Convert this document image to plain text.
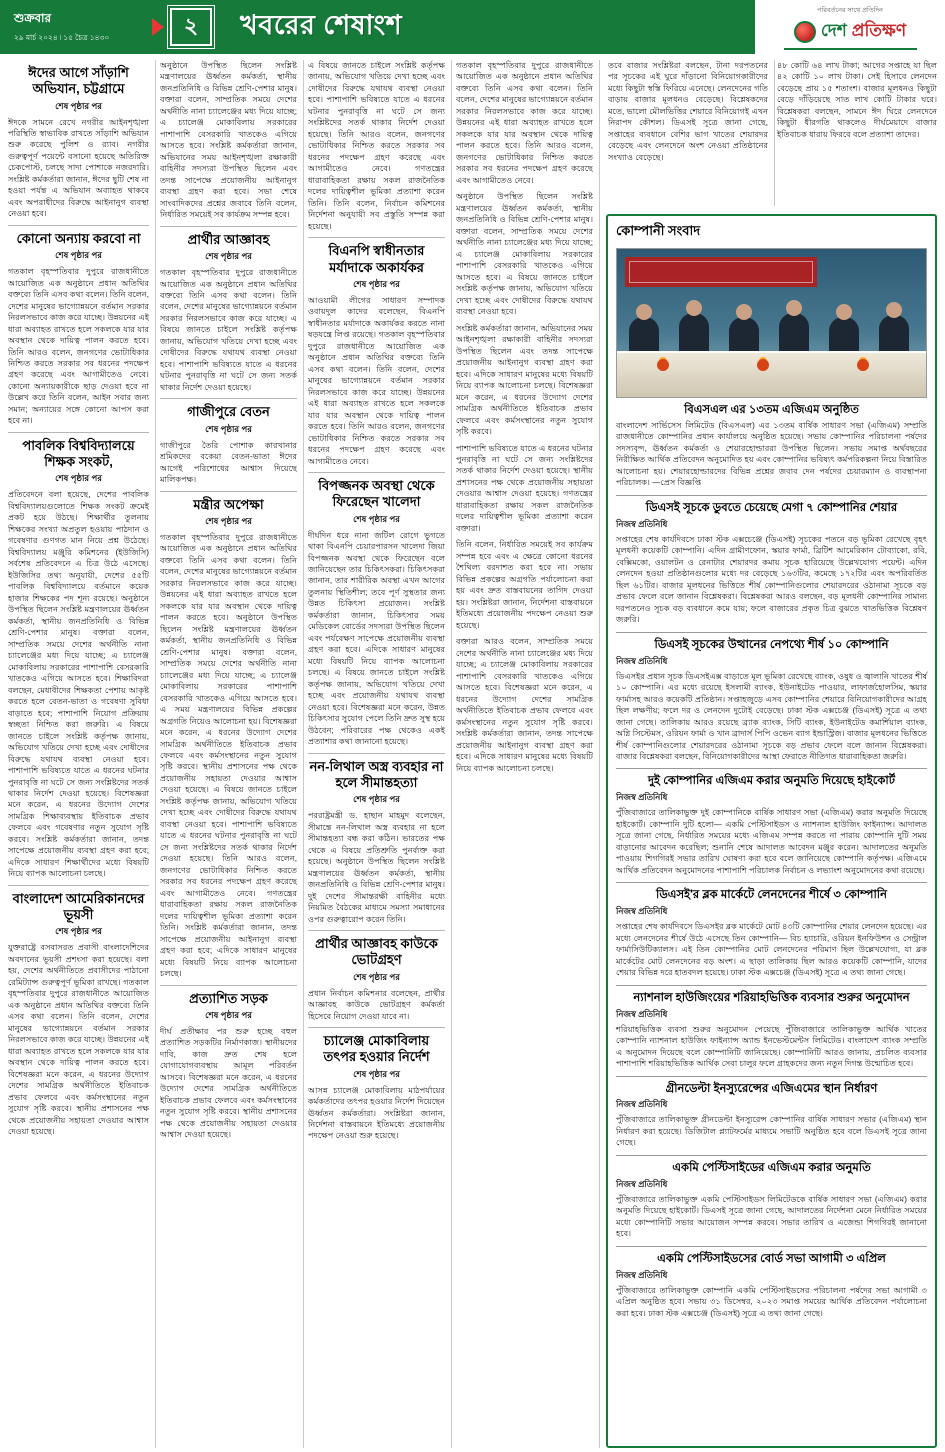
শুক্রবার
২৯ মার্চ ২০২৪ ৷ ১৫ চৈত্র ১৪৩০	২	খবরের শেষাংশ	পরিবর্তনের সাথে প্রতিদিন
দেশ প্রতিক্ষণ
ঈদের আগে সাঁড়াশি অভিযান, চট্টগ্রামে
শেষ পৃষ্ঠার পর

ঈদকে সামনে রেখে নগরীর আইনশৃঙ্খলা পরিস্থিতি স্বাভাবিক রাখতে সাঁড়াশি অভিযান শুরু করেছে পুলিশ ও র‍্যাব। নগরীর গুরুত্বপূর্ণ পয়েন্টে বসানো হয়েছে অতিরিক্ত চেকপোস্ট, চলছে সাদা পোশাকে নজরদারি। সংশ্লিষ্ট কর্মকর্তারা জানান, ঈদের ছুটি শেষ না হওয়া পর্যন্ত এ অভিযান অব্যাহত থাকবে এবং অপরাধীদের বিরুদ্ধে আইনানুগ ব্যবস্থা নেওয়া হবে।

কোনো অন্যায় করবো না
শেষ পৃষ্ঠার পর

গতকাল বৃহস্পতিবার দুপুরে রাজধানীতে আয়োজিত এক অনুষ্ঠানে প্রধান অতিথির বক্তব্যে তিনি এসব কথা বলেন। তিনি বলেন, দেশের মানুষের ভাগ্যোন্নয়নে বর্তমান সরকার নিরলসভাবে কাজ করে যাচ্ছে। উন্নয়নের এই ধারা অব্যাহত রাখতে হলে সকলকে যার যার অবস্থান থেকে দায়িত্ব পালন করতে হবে। তিনি আরও বলেন, জনগণের ভোটাধিকার নিশ্চিত করতে সরকার সব ধরনের পদক্ষেপ গ্রহণ করেছে এবং আগামীতেও নেবে। কোনো অন্যায়কারীকে ছাড় দেওয়া হবে না উল্লেখ করে তিনি বলেন, আইন সবার জন্য সমান; অন্যায়ের সঙ্গে কোনো আপস করা হবে না।

পাবলিক বিশ্ববিদ্যালয়ে শিক্ষক সংকট,
শেষ পৃষ্ঠার পর

প্রতিবেদনে বলা হয়েছে, দেশের পাবলিক বিশ্ববিদ্যালয়গুলোতে শিক্ষক সংকট ক্রমেই প্রকট হয়ে উঠছে। শিক্ষার্থীর তুলনায় শিক্ষকের সংখ্যা অপ্রতুল হওয়ায় পাঠদান ও গবেষণার গুণগত মান নিয়ে প্রশ্ন উঠেছে। বিশ্ববিদ্যালয় মঞ্জুরি কমিশনের (ইউজিসি) সর্বশেষ প্রতিবেদনে এ চিত্র উঠে এসেছে। ইউজিসির তথ্য অনুযায়ী, দেশের ৫৫টি পাবলিক বিশ্ববিদ্যালয়ে বর্তমানে কয়েক হাজার শিক্ষকের পদ শূন্য রয়েছে। অনুষ্ঠানে উপস্থিত ছিলেন সংশ্লিষ্ট মন্ত্রণালয়ের ঊর্ধ্বতন কর্মকর্তা, স্থানীয় জনপ্রতিনিধি ও বিভিন্ন শ্রেণি-পেশার মানুষ। বক্তারা বলেন, সাম্প্রতিক সময়ে দেশের অর্থনীতি নানা চ্যালেঞ্জের মধ্য দিয়ে যাচ্ছে; এ চ্যালেঞ্জ মোকাবিলায় সরকারের পাশাপাশি বেসরকারি খাতকেও এগিয়ে আসতে হবে। শিক্ষাবিদরা বলছেন, মেধাবীদের শিক্ষকতা পেশায় আকৃষ্ট করতে হলে বেতন-ভাতা ও গবেষণা সুবিধা বাড়াতে হবে; পাশাপাশি নিয়োগ প্রক্রিয়ায় স্বচ্ছতা নিশ্চিত করা জরুরি। এ বিষয়ে জানতে চাইলে সংশ্লিষ্ট কর্তৃপক্ষ জানায়, অভিযোগ খতিয়ে দেখা হচ্ছে এবং দোষীদের বিরুদ্ধে যথাযথ ব্যবস্থা নেওয়া হবে। পাশাপাশি ভবিষ্যতে যাতে এ ধরনের ঘটনার পুনরাবৃত্তি না ঘটে সে জন্য সংশ্লিষ্টদের সতর্ক থাকার নির্দেশ দেওয়া হয়েছে। বিশেষজ্ঞরা মনে করেন, এ ধরনের উদ্যোগ দেশের সামগ্রিক শিক্ষাব্যবস্থায় ইতিবাচক প্রভাব ফেলবে এবং গবেষণার নতুন সুযোগ সৃষ্টি করবে। সংশ্লিষ্ট কর্মকর্তারা জানান, তদন্ত সাপেক্ষে প্রয়োজনীয় ব্যবস্থা গ্রহণ করা হবে; এদিকে সাধারণ শিক্ষার্থীদের মধ্যে বিষয়টি নিয়ে ব্যাপক আলোচনা চলছে।

বাংলাদেশ আমেরিকানদের ভূয়সী
শেষ পৃষ্ঠার পর

যুক্তরাষ্ট্রে বসবাসরত প্রবাসী বাংলাদেশিদের অবদানের ভূয়সী প্রশংসা করা হয়েছে। বলা হয়, দেশের অর্থনীতিতে প্রবাসীদের পাঠানো রেমিট্যান্স গুরুত্বপূর্ণ ভূমিকা রাখছে। গতকাল বৃহস্পতিবার দুপুরে রাজধানীতে আয়োজিত এক অনুষ্ঠানে প্রধান অতিথির বক্তব্যে তিনি এসব কথা বলেন। তিনি বলেন, দেশের মানুষের ভাগ্যোন্নয়নে বর্তমান সরকার নিরলসভাবে কাজ করে যাচ্ছে। উন্নয়নের এই ধারা অব্যাহত রাখতে হলে সকলকে যার যার অবস্থান থেকে দায়িত্ব পালন করতে হবে। বিশেষজ্ঞরা মনে করেন, এ ধরনের উদ্যোগ দেশের সামগ্রিক অর্থনীতিতে ইতিবাচক প্রভাব ফেলবে এবং কর্মসংস্থানের নতুন সুযোগ সৃষ্টি করবে। স্থানীয় প্রশাসনের পক্ষ থেকে প্রয়োজনীয় সহায়তা দেওয়ার আশ্বাস দেওয়া হয়েছে।

অনুষ্ঠানে উপস্থিত ছিলেন সংশ্লিষ্ট মন্ত্রণালয়ের ঊর্ধ্বতন কর্মকর্তা, স্থানীয় জনপ্রতিনিধি ও বিভিন্ন শ্রেণি-পেশার মানুষ। বক্তারা বলেন, সাম্প্রতিক সময়ে দেশের অর্থনীতি নানা চ্যালেঞ্জের মধ্য দিয়ে যাচ্ছে; এ চ্যালেঞ্জ মোকাবিলায় সরকারের পাশাপাশি বেসরকারি খাতকেও এগিয়ে আসতে হবে। সংশ্লিষ্ট কর্মকর্তারা জানান, অভিযানের সময় আইনশৃঙ্খলা রক্ষাকারী বাহিনীর সদস্যরা উপস্থিত ছিলেন এবং তদন্ত সাপেক্ষে প্রয়োজনীয় আইনানুগ ব্যবস্থা গ্রহণ করা হবে। সভা শেষে সাংবাদিকদের প্রশ্নের জবাবে তিনি বলেন, নির্ধারিত সময়েই সব কার্যক্রম সম্পন্ন হবে।

প্রার্থীর আজ্ঞাবহ
শেষ পৃষ্ঠার পর

গতকাল বৃহস্পতিবার দুপুরে রাজধানীতে আয়োজিত এক অনুষ্ঠানে প্রধান অতিথির বক্তব্যে তিনি এসব কথা বলেন। তিনি বলেন, দেশের মানুষের ভাগ্যোন্নয়নে বর্তমান সরকার নিরলসভাবে কাজ করে যাচ্ছে। এ বিষয়ে জানতে চাইলে সংশ্লিষ্ট কর্তৃপক্ষ জানায়, অভিযোগ খতিয়ে দেখা হচ্ছে এবং দোষীদের বিরুদ্ধে যথাযথ ব্যবস্থা নেওয়া হবে। পাশাপাশি ভবিষ্যতে যাতে এ ধরনের ঘটনার পুনরাবৃত্তি না ঘটে সে জন্য সতর্ক থাকার নির্দেশ দেওয়া হয়েছে।

গাজীপুরে বেতন
শেষ পৃষ্ঠার পর

গাজীপুরে তৈরি পোশাক কারখানার শ্রমিকদের বকেয়া বেতন-ভাতা ঈদের আগেই পরিশোধের আশ্বাস দিয়েছে মালিকপক্ষ।

মন্ত্রীর অপেক্ষা
শেষ পৃষ্ঠার পর

গতকাল বৃহস্পতিবার দুপুরে রাজধানীতে আয়োজিত এক অনুষ্ঠানে প্রধান অতিথির বক্তব্যে তিনি এসব কথা বলেন। তিনি বলেন, দেশের মানুষের ভাগ্যোন্নয়নে বর্তমান সরকার নিরলসভাবে কাজ করে যাচ্ছে। উন্নয়নের এই ধারা অব্যাহত রাখতে হলে সকলকে যার যার অবস্থান থেকে দায়িত্ব পালন করতে হবে। অনুষ্ঠানে উপস্থিত ছিলেন সংশ্লিষ্ট মন্ত্রণালয়ের ঊর্ধ্বতন কর্মকর্তা, স্থানীয় জনপ্রতিনিধি ও বিভিন্ন শ্রেণি-পেশার মানুষ। বক্তারা বলেন, সাম্প্রতিক সময়ে দেশের অর্থনীতি নানা চ্যালেঞ্জের মধ্য দিয়ে যাচ্ছে; এ চ্যালেঞ্জ মোকাবিলায় সরকারের পাশাপাশি বেসরকারি খাতকেও এগিয়ে আসতে হবে। এ সময় মন্ত্রণালয়ের বিভিন্ন প্রকল্পের অগ্রগতি নিয়েও আলোচনা হয়। বিশেষজ্ঞরা মনে করেন, এ ধরনের উদ্যোগ দেশের সামগ্রিক অর্থনীতিতে ইতিবাচক প্রভাব ফেলবে এবং কর্মসংস্থানের নতুন সুযোগ সৃষ্টি করবে। স্থানীয় প্রশাসনের পক্ষ থেকে প্রয়োজনীয় সহায়তা দেওয়ার আশ্বাস দেওয়া হয়েছে। এ বিষয়ে জানতে চাইলে সংশ্লিষ্ট কর্তৃপক্ষ জানায়, অভিযোগ খতিয়ে দেখা হচ্ছে এবং দোষীদের বিরুদ্ধে যথাযথ ব্যবস্থা নেওয়া হবে। পাশাপাশি ভবিষ্যতে যাতে এ ধরনের ঘটনার পুনরাবৃত্তি না ঘটে সে জন্য সংশ্লিষ্টদের সতর্ক থাকার নির্দেশ দেওয়া হয়েছে। তিনি আরও বলেন, জনগণের ভোটাধিকার নিশ্চিত করতে সরকার সব ধরনের পদক্ষেপ গ্রহণ করেছে এবং আগামীতেও নেবে। গণতন্ত্রের ধারাবাহিকতা রক্ষায় সকল রাজনৈতিক দলের দায়িত্বশীল ভূমিকা প্রত্যাশা করেন তিনি। সংশ্লিষ্ট কর্মকর্তারা জানান, তদন্ত সাপেক্ষে প্রয়োজনীয় আইনানুগ ব্যবস্থা গ্রহণ করা হবে; এদিকে সাধারণ মানুষের মধ্যে বিষয়টি নিয়ে ব্যাপক আলোচনা চলছে।

প্রত্যাশিত সড়ক
শেষ পৃষ্ঠার পর

দীর্ঘ প্রতীক্ষার পর শুরু হচ্ছে বহুল প্রত্যাশিত সড়কটির নির্মাণকাজ। স্থানীয়দের দাবি, কাজ দ্রুত শেষ হলে যোগাযোগব্যবস্থায় আমূল পরিবর্তন আসবে। বিশেষজ্ঞরা মনে করেন, এ ধরনের উদ্যোগ দেশের সামগ্রিক অর্থনীতিতে ইতিবাচক প্রভাব ফেলবে এবং কর্মসংস্থানের নতুন সুযোগ সৃষ্টি করবে। স্থানীয় প্রশাসনের পক্ষ থেকে প্রয়োজনীয় সহায়তা দেওয়ার আশ্বাস দেওয়া হয়েছে।

এ বিষয়ে জানতে চাইলে সংশ্লিষ্ট কর্তৃপক্ষ জানায়, অভিযোগ খতিয়ে দেখা হচ্ছে এবং দোষীদের বিরুদ্ধে যথাযথ ব্যবস্থা নেওয়া হবে। পাশাপাশি ভবিষ্যতে যাতে এ ধরনের ঘটনার পুনরাবৃত্তি না ঘটে সে জন্য সংশ্লিষ্টদের সতর্ক থাকার নির্দেশ দেওয়া হয়েছে। তিনি আরও বলেন, জনগণের ভোটাধিকার নিশ্চিত করতে সরকার সব ধরনের পদক্ষেপ গ্রহণ করেছে এবং আগামীতেও নেবে। গণতন্ত্রের ধারাবাহিকতা রক্ষায় সকল রাজনৈতিক দলের দায়িত্বশীল ভূমিকা প্রত্যাশা করেন তিনি। তিনি বলেন, নির্বাচন কমিশনের নির্দেশনা অনুযায়ী সব প্রস্তুতি সম্পন্ন করা হয়েছে।

বিএনপি স্বাধীনতার মর্যাদাকে অকার্যকর
শেষ পৃষ্ঠার পর

আওয়ামী লীগের সাধারণ সম্পাদক ওবায়দুল কাদের বলেছেন, বিএনপি স্বাধীনতার মর্যাদাকে অকার্যকর করতে নানা ষড়যন্ত্রে লিপ্ত রয়েছে। গতকাল বৃহস্পতিবার দুপুরে রাজধানীতে আয়োজিত এক অনুষ্ঠানে প্রধান অতিথির বক্তব্যে তিনি এসব কথা বলেন। তিনি বলেন, দেশের মানুষের ভাগ্যোন্নয়নে বর্তমান সরকার নিরলসভাবে কাজ করে যাচ্ছে। উন্নয়নের এই ধারা অব্যাহত রাখতে হলে সকলকে যার যার অবস্থান থেকে দায়িত্ব পালন করতে হবে। তিনি আরও বলেন, জনগণের ভোটাধিকার নিশ্চিত করতে সরকার সব ধরনের পদক্ষেপ গ্রহণ করেছে এবং আগামীতেও নেবে।

বিপজ্জনক অবস্থা থেকে ফিরেছেন খালেদা
শেষ পৃষ্ঠার পর

দীর্ঘদিন ধরে নানা জটিল রোগে ভুগতে থাকা বিএনপি চেয়ারপারসন খালেদা জিয়া বিপজ্জনক অবস্থা থেকে ফিরেছেন বলে জানিয়েছেন তার চিকিৎসকরা। চিকিৎসকরা জানান, তার শারীরিক অবস্থা এখন আগের তুলনায় স্থিতিশীল; তবে পূর্ণ সুস্থতার জন্য উন্নত চিকিৎসা প্রয়োজন। সংশ্লিষ্ট কর্মকর্তারা জানান, চিকিৎসার সময় মেডিকেল বোর্ডের সদস্যরা উপস্থিত ছিলেন এবং পর্যবেক্ষণ সাপেক্ষে প্রয়োজনীয় ব্যবস্থা গ্রহণ করা হবে। এদিকে সাধারণ মানুষের মধ্যে বিষয়টি নিয়ে ব্যাপক আলোচনা চলছে। এ বিষয়ে জানতে চাইলে সংশ্লিষ্ট কর্তৃপক্ষ জানায়, অভিযোগ খতিয়ে দেখা হচ্ছে এবং প্রয়োজনীয় যথাযথ ব্যবস্থা নেওয়া হবে। বিশেষজ্ঞরা মনে করেন, উন্নত চিকিৎসার সুযোগ পেলে তিনি দ্রুত সুস্থ হয়ে উঠবেন; পরিবারের পক্ষ থেকেও একই প্রত্যাশার কথা জানানো হয়েছে।

নন-লিথাল অস্ত্র ব্যবহার না হলে সীমান্তহত্যা
শেষ পৃষ্ঠার পর

পররাষ্ট্রমন্ত্রী ড. হাছান মাহমুদ বলেছেন, সীমান্তে নন-লিথাল অস্ত্র ব্যবহার না হলে সীমান্তহত্যা বন্ধ করা কঠিন। ভারতের পক্ষ থেকে এ বিষয়ে প্রতিশ্রুতি পুনর্ব্যক্ত করা হয়েছে। অনুষ্ঠানে উপস্থিত ছিলেন সংশ্লিষ্ট মন্ত্রণালয়ের ঊর্ধ্বতন কর্মকর্তা, স্থানীয় জনপ্রতিনিধি ও বিভিন্ন শ্রেণি-পেশার মানুষ। দুই দেশের সীমান্তরক্ষী বাহিনীর মধ্যে নিয়মিত বৈঠকের মাধ্যমে সমস্যা সমাধানের ওপর গুরুত্বারোপ করেন তিনি।

প্রার্থীর আজ্ঞাবহ কাউকে ভোটগ্রহণ
শেষ পৃষ্ঠার পর

প্রধান নির্বাচন কমিশনার বলেছেন, প্রার্থীর আজ্ঞাবহ কাউকে ভোটগ্রহণ কর্মকর্তা হিসেবে নিয়োগ দেওয়া যাবে না।

চ্যালেঞ্জ মোকাবিলায় তৎপর হওয়ার নির্দেশ
শেষ পৃষ্ঠার পর

আসন্ন চ্যালেঞ্জ মোকাবিলায় মাঠপর্যায়ের কর্মকর্তাদের তৎপর হওয়ার নির্দেশ দিয়েছেন ঊর্ধ্বতন কর্মকর্তারা। সংশ্লিষ্টরা জানান, নির্দেশনা বাস্তবায়নে ইতিমধ্যে প্রয়োজনীয় পদক্ষেপ নেওয়া শুরু হয়েছে।

গতকাল বৃহস্পতিবার দুপুরে রাজধানীতে আয়োজিত এক অনুষ্ঠানে প্রধান অতিথির বক্তব্যে তিনি এসব কথা বলেন। তিনি বলেন, দেশের মানুষের ভাগ্যোন্নয়নে বর্তমান সরকার নিরলসভাবে কাজ করে যাচ্ছে। উন্নয়নের এই ধারা অব্যাহত রাখতে হলে সকলকে যার যার অবস্থান থেকে দায়িত্ব পালন করতে হবে। তিনি আরও বলেন, জনগণের ভোটাধিকার নিশ্চিত করতে সরকার সব ধরনের পদক্ষেপ গ্রহণ করেছে এবং আগামীতেও নেবে।

অনুষ্ঠানে উপস্থিত ছিলেন সংশ্লিষ্ট মন্ত্রণালয়ের ঊর্ধ্বতন কর্মকর্তা, স্থানীয় জনপ্রতিনিধি ও বিভিন্ন শ্রেণি-পেশার মানুষ। বক্তারা বলেন, সাম্প্রতিক সময়ে দেশের অর্থনীতি নানা চ্যালেঞ্জের মধ্য দিয়ে যাচ্ছে; এ চ্যালেঞ্জ মোকাবিলায় সরকারের পাশাপাশি বেসরকারি খাতকেও এগিয়ে আসতে হবে। এ বিষয়ে জানতে চাইলে সংশ্লিষ্ট কর্তৃপক্ষ জানায়, অভিযোগ খতিয়ে দেখা হচ্ছে এবং দোষীদের বিরুদ্ধে যথাযথ ব্যবস্থা নেওয়া হবে।

সংশ্লিষ্ট কর্মকর্তারা জানান, অভিযানের সময় আইনশৃঙ্খলা রক্ষাকারী বাহিনীর সদস্যরা উপস্থিত ছিলেন এবং তদন্ত সাপেক্ষে প্রয়োজনীয় আইনানুগ ব্যবস্থা গ্রহণ করা হবে। এদিকে সাধারণ মানুষের মধ্যে বিষয়টি নিয়ে ব্যাপক আলোচনা চলছে। বিশেষজ্ঞরা মনে করেন, এ ধরনের উদ্যোগ দেশের সামগ্রিক অর্থনীতিতে ইতিবাচক প্রভাব ফেলবে এবং কর্মসংস্থানের নতুন সুযোগ সৃষ্টি করবে।

পাশাপাশি ভবিষ্যতে যাতে এ ধরনের ঘটনার পুনরাবৃত্তি না ঘটে সে জন্য সংশ্লিষ্টদের সতর্ক থাকার নির্দেশ দেওয়া হয়েছে। স্থানীয় প্রশাসনের পক্ষ থেকে প্রয়োজনীয় সহায়তা দেওয়ার আশ্বাস দেওয়া হয়েছে। গণতন্ত্রের ধারাবাহিকতা রক্ষায় সকল রাজনৈতিক দলের দায়িত্বশীল ভূমিকা প্রত্যাশা করেন বক্তারা।

তিনি বলেন, নির্ধারিত সময়েই সব কার্যক্রম সম্পন্ন হবে এবং এ ক্ষেত্রে কোনো ধরনের শৈথিল্য বরদাশত করা হবে না। সভায় বিভিন্ন প্রকল্পের অগ্রগতি পর্যালোচনা করা হয় এবং দ্রুত বাস্তবায়নের তাগিদ দেওয়া হয়। সংশ্লিষ্টরা জানান, নির্দেশনা বাস্তবায়নে ইতিমধ্যে প্রয়োজনীয় পদক্ষেপ নেওয়া শুরু হয়েছে।

বক্তারা আরও বলেন, সাম্প্রতিক সময়ে দেশের অর্থনীতি নানা চ্যালেঞ্জের মধ্য দিয়ে যাচ্ছে; এ চ্যালেঞ্জ মোকাবিলায় সরকারের পাশাপাশি বেসরকারি খাতকেও এগিয়ে আসতে হবে। বিশেষজ্ঞরা মনে করেন, এ ধরনের উদ্যোগ দেশের সামগ্রিক অর্থনীতিতে ইতিবাচক প্রভাব ফেলবে এবং কর্মসংস্থানের নতুন সুযোগ সৃষ্টি করবে। সংশ্লিষ্ট কর্মকর্তারা জানান, তদন্ত সাপেক্ষে প্রয়োজনীয় আইনানুগ ব্যবস্থা গ্রহণ করা হবে। এদিকে সাধারণ মানুষের মধ্যে বিষয়টি নিয়ে ব্যাপক আলোচনা চলছে।

তবে বাজার সংশ্লিষ্টরা বলছেন, টানা দরপতনের পর সূচকের এই ঘুরে দাঁড়ানো বিনিয়োগকারীদের মধ্যে কিছুটা স্বস্তি ফিরিয়ে এনেছে। লেনদেনের গতি বাড়ায় বাজার মূলধনও বেড়েছে। বিশ্লেষকদের মতে, ভালো মৌলভিত্তির শেয়ারে বিনিয়োগই এখন নিরাপদ কৌশল। ডিএসই সূত্রে জানা গেছে, সপ্তাহের ব্যবধানে বেশির ভাগ খাতের শেয়ারদর বেড়েছে এবং লেনদেনে অংশ নেওয়া প্রতিষ্ঠানের সংখ্যাও বেড়েছে।

৪৮ কোটি ৬৪ লাখ টাকা; আগের সপ্তাহে যা ছিল ৪২ কোটি ১০ লাখ টাকা। সেই হিসাবে লেনদেন বেড়েছে প্রায় ১৫ শতাংশ। বাজার মূলধনও কিছুটা বেড়ে দাঁড়িয়েছে সাত লাখ কোটি টাকার ঘরে। বিশ্লেষকরা বলছেন, সামনে ঈদ ঘিরে লেনদেনে কিছুটা ধীরগতি থাকলেও দীর্ঘমেয়াদে বাজার ইতিবাচক ধারায় ফিরবে বলে প্রত্যাশা তাদের।

কোম্পানী সংবাদ
বিএসএল এর ১৩তম এজিএম অনুষ্ঠিত

বাংলাদেশ সার্ভিসেস লিমিটেড (বিএসএল) এর ১৩তম বার্ষিক সাধারণ সভা (এজিএম) সম্প্রতি রাজধানীতে কোম্পানির প্রধান কার্যালয়ে অনুষ্ঠিত হয়েছে। সভায় কোম্পানির পরিচালনা পর্ষদের সদস্যবৃন্দ, ঊর্ধ্বতন কর্মকর্তা ও শেয়ারহোল্ডাররা উপস্থিত ছিলেন। সভায় সমাপ্ত অর্থবছরের নিরীক্ষিত আর্থিক প্রতিবেদন অনুমোদিত হয় এবং কোম্পানির ভবিষ্যৎ কর্মপরিকল্পনা নিয়ে বিস্তারিত আলোচনা হয়। শেয়ারহোল্ডারদের বিভিন্ন প্রশ্নের জবাব দেন পর্ষদের চেয়ারম্যান ও ব্যবস্থাপনা পরিচালক। —প্রেস বিজ্ঞপ্তি

ডিএসই সূচকে ডুবতে চেয়েছে মেগা ৭ কোম্পানির শেয়ার
নিজস্ব প্রতিনিধি

সপ্তাহের শেষ কার্যদিবসে ঢাকা স্টক এক্সচেঞ্জে (ডিএসই) সূচকের পতনে বড় ভূমিকা রেখেছে বৃহৎ মূলধনী কয়েকটি কোম্পানি। এদিন গ্রামীণফোন, স্কয়ার ফার্মা, ব্রিটিশ আমেরিকান টোব্যাকো, রবি, বেক্সিমকো, ওয়ালটন ও রেনাটার শেয়ারদর কমায় সূচক হারিয়েছে উল্লেখযোগ্য পয়েন্ট। এদিন লেনদেন হওয়া প্রতিষ্ঠানগুলোর মধ্যে দর বেড়েছে ১৬৩টির, কমেছে ১৭২টির এবং অপরিবর্তিত ছিল ৬১টির। বাজার মূলধনের ভিত্তিতে শীর্ষ কোম্পানিগুলোর শেয়ারদরের ওঠানামা সূচকে বড় প্রভাব ফেলে বলে জানান বিশ্লেষকরা। বিশ্লেষকরা আরও বলছেন, বড় মূলধনী কোম্পানির সামান্য দরপতনেও সূচক বড় ব্যবধানে কমে যায়; ফলে বাজারের প্রকৃত চিত্র বুঝতে খাতভিত্তিক বিশ্লেষণ জরুরি।

ডিএসই সূচকের উত্থানের নেপথ্যে শীর্ষ ১০ কোম্পানি
নিজস্ব প্রতিনিধি

ডিএসইর প্রধান সূচক ডিএসইএক্স বাড়াতে মূল ভূমিকা রেখেছে ব্যাংক, ওষুধ ও জ্বালানি খাতের শীর্ষ ১০ কোম্পানি। এর মধ্যে রয়েছে ইসলামী ব্যাংক, ইউনাইটেড পাওয়ার, লাফার্জহোলসিম, স্কয়ার ফার্মাসহ আরও কয়েকটি প্রতিষ্ঠান। সপ্তাহজুড়ে এসব কোম্পানির শেয়ারে বিনিয়োগকারীদের আগ্রহ ছিল লক্ষণীয়; ফলে দর ও লেনদেন দুটোই বেড়েছে। ঢাকা স্টক এক্সচেঞ্জ (ডিএসই) সূত্রে এ তথ্য জানা গেছে। তালিকায় আরও রয়েছে ব্র্যাক ব্যাংক, সিটি ব্যাংক, ইউনাইটেড কমার্শিয়াল ব্যাংক, অগ্নি সিস্টেমস, ওরিয়ন ফার্মা ও খান ব্রাদার্স পিপি ওভেন ব্যাগ ইন্ডাস্ট্রিজ। বাজার মূলধনের ভিত্তিতে শীর্ষ কোম্পানিগুলোর শেয়ারদরের ওঠানামা সূচকে বড় প্রভাব ফেলে বলে জানান বিশ্লেষকরা। বাজার বিশ্লেষকরা বলছেন, বিনিয়োগকারীদের আস্থা ফেরাতে নীতিগত ধারাবাহিকতা জরুরি।

দুই কোম্পানির এজিএম করার অনুমতি দিয়েছে হাইকোর্ট
নিজস্ব প্রতিনিধি

পুঁজিবাজারে তালিকাভুক্ত দুই কোম্পানিকে বার্ষিক সাধারণ সভা (এজিএম) করার অনুমতি দিয়েছে হাইকোর্ট। কোম্পানি দুটি হলো— একমি পেস্টিসাইডস ও ন্যাশনাল হাউজিং ফাইন্যান্স। আদালত সূত্রে জানা গেছে, নির্ধারিত সময়ের মধ্যে এজিএম সম্পন্ন করতে না পারায় কোম্পানি দুটি সময় বাড়ানোর আবেদন করেছিল; শুনানি শেষে আদালত আবেদন মঞ্জুর করেন। আদালতের অনুমতি পাওয়ায় শিগগিরই সভার তারিখ ঘোষণা করা হবে বলে জানিয়েছে কোম্পানি কর্তৃপক্ষ। এজিএমে আর্থিক প্রতিবেদন অনুমোদনের পাশাপাশি পরিচালক নির্বাচন ও লভ্যাংশ অনুমোদনের কথা রয়েছে।

ডিএসই'র ব্লক মার্কেটে লেনদেনের শীর্ষে ৩ কোম্পানি
নিজস্ব প্রতিনিধি

সপ্তাহের শেষ কার্যদিবসে ডিএসইর ব্লক মার্কেটে মোট ৪৩টি কোম্পানির শেয়ার লেনদেন হয়েছে। এর মধ্যে লেনদেনের শীর্ষে উঠে এসেছে তিন কোম্পানি— বিচ হ্যাচারি, ওরিয়ন ইনফিউশন ও সেন্ট্রাল ফার্মাসিউটিক্যালস। এই তিন কোম্পানির মোট লেনদেনের পরিমাণ ছিল উল্লেখযোগ্য, যা ব্লক মার্কেটের মোট লেনদেনের বড় অংশ। এ ছাড়া তালিকায় ছিল আরও কয়েকটি কোম্পানি, যাদের শেয়ার বিভিন্ন দরে হাতবদল হয়েছে। ঢাকা স্টক এক্সচেঞ্জ (ডিএসই) সূত্রে এ তথ্য জানা গেছে।

ন্যাশনাল হাউজিংয়ের শরিয়াহভিত্তিক ব্যবসার শুরুর অনুমোদন
নিজস্ব প্রতিনিধি

শরিয়াহভিত্তিক ব্যবসা শুরুর অনুমোদন পেয়েছে পুঁজিবাজারে তালিকাভুক্ত আর্থিক খাতের কোম্পানি ন্যাশনাল হাউজিং ফাইন্যান্স অ্যান্ড ইনভেস্টমেন্টস লিমিটেড। বাংলাদেশ ব্যাংক সম্প্রতি এ অনুমোদন দিয়েছে বলে কোম্পানিটি জানিয়েছে। কোম্পানিটি আরও জানায়, প্রচলিত ব্যবসার পাশাপাশি শরিয়াহভিত্তিক আর্থিক সেবা চালুর ফলে গ্রাহকদের জন্য নতুন দিগন্ত উন্মোচিত হবে।

গ্রীনডেল্টা ইনস্যুরেন্সের এজিএমের স্থান নির্ধারণ
নিজস্ব প্রতিনিধি

পুঁজিবাজারে তালিকাভুক্ত গ্রীনডেল্টা ইনস্যুরেন্স কোম্পানির বার্ষিক সাধারণ সভার (এজিএম) স্থান নির্ধারণ করা হয়েছে। ডিজিটাল প্ল্যাটফর্মের মাধ্যমে সভাটি অনুষ্ঠিত হবে বলে ডিএসই সূত্রে জানা গেছে।

একমি পেস্টিসাইডের এজিএম করার অনুমতি
নিজস্ব প্রতিনিধি

পুঁজিবাজারে তালিকাভুক্ত একমি পেস্টিসাইডস লিমিটেডকে বার্ষিক সাধারণ সভা (এজিএম) করার অনুমতি দিয়েছে হাইকোর্ট। ডিএসই সূত্রে জানা গেছে, আদালতের নির্দেশনা মেনে নির্ধারিত সময়ের মধ্যে কোম্পানিটি সভার আয়োজন সম্পন্ন করবে। সভার তারিখ ও এজেন্ডা শিগগিরই জানানো হবে।

একমি পেস্টিসাইডসের বোর্ড সভা আগামী ৩ এপ্রিল
নিজস্ব প্রতিনিধি

পুঁজিবাজারে তালিকাভুক্ত কোম্পানি একমি পেস্টিসাইডসের পরিচালনা পর্ষদের সভা আগামী ৩ এপ্রিল অনুষ্ঠিত হবে। সভায় ৩১ ডিসেম্বর, ২০২৩ সমাপ্ত সময়ের আর্থিক প্রতিবেদন পর্যালোচনা করা হবে। ঢাকা স্টক এক্সচেঞ্জ (ডিএসই) সূত্রে এ তথ্য জানা গেছে।
